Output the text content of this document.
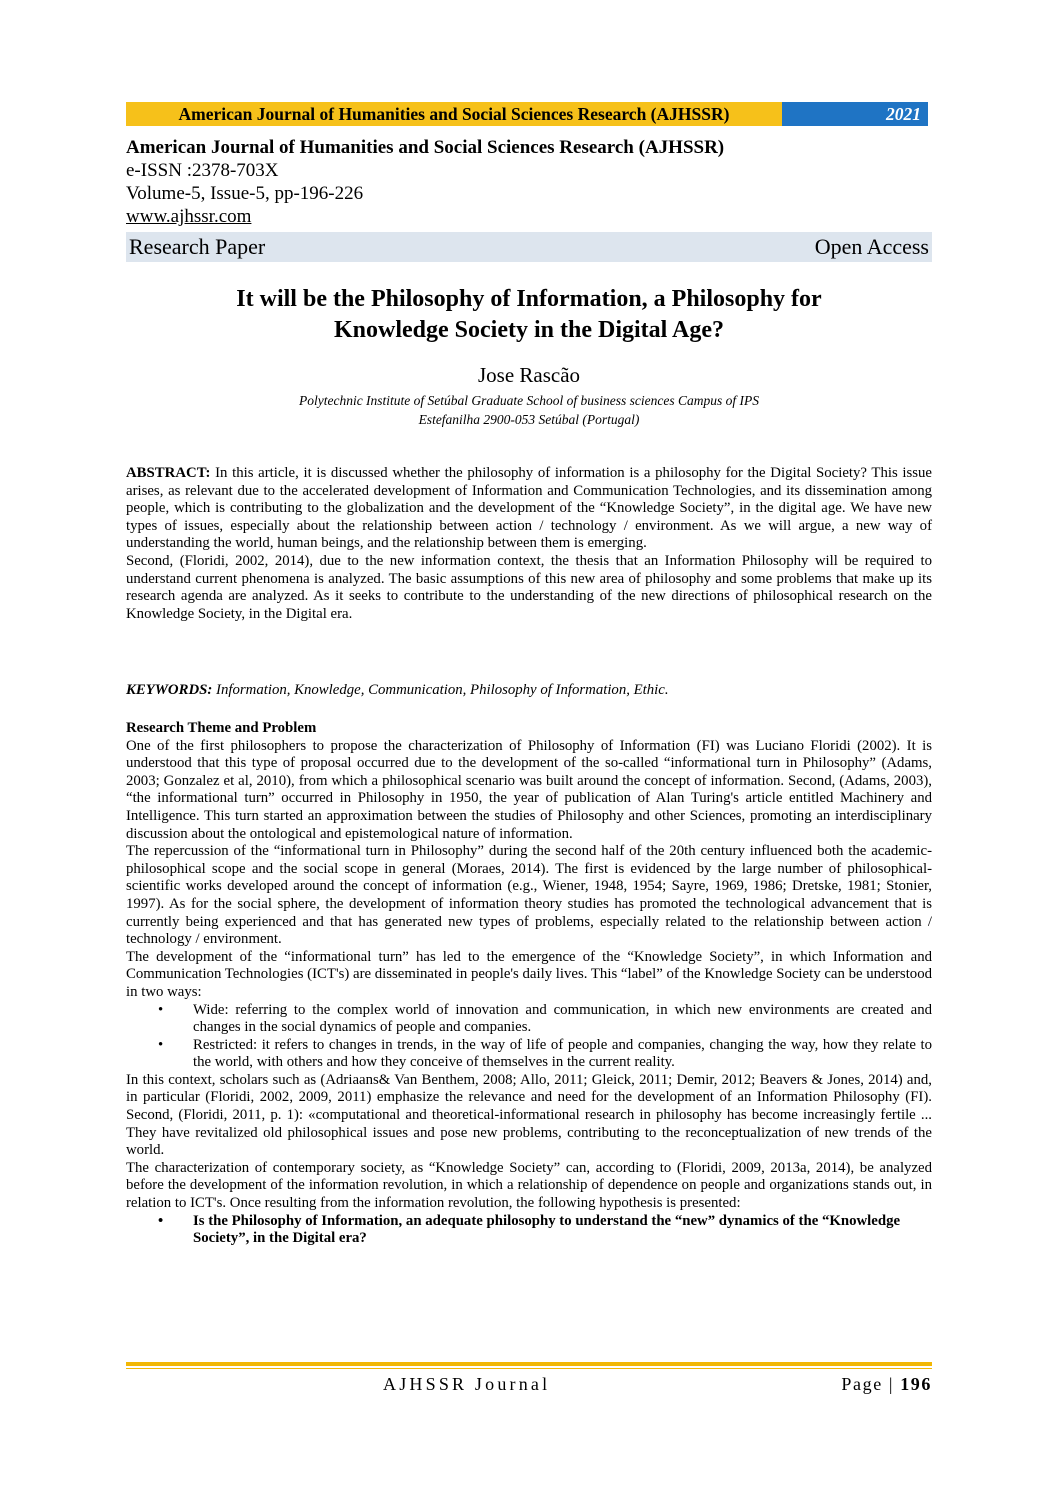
American Journal of Humanities and Social Sciences Research (AJHSSR)	2021
American Journal of Humanities and Social Sciences Research (AJHSSR)
e-ISSN :2378-703X
Volume-5, Issue-5, pp-196-226
www.ajhssr.com
Research Paper	Open Access
It will be the Philosophy of Information, a Philosophy for
Knowledge Society in the Digital Age?
Jose Rascão
Polytechnic Institute of Setúbal Graduate School of business sciences Campus of IPS
Estefanilha 2900-053 Setúbal (Portugal)

ABSTRACT: In this article, it is discussed whether the philosophy of information is a philosophy for the Digital Society? This issue arises, as relevant due to the accelerated development of Information and Communication Technologies, and its dissemination among people, which is contributing to the globalization and the development of the “Knowledge Society”, in the digital age. We have new types of issues, especially about the relationship between action / technology / environment. As we will argue, a new way of understanding the world, human beings, and the relationship between them is emerging.

Second, (Floridi, 2002, 2014), due to the new information context, the thesis that an Information Philosophy will be required to understand current phenomena is analyzed. The basic assumptions of this new area of philosophy and some problems that make up its research agenda are analyzed. As it seeks to contribute to the understanding of the new directions of philosophical research on the Knowledge Society, in the Digital era.

KEYWORDS: Information, Knowledge, Communication, Philosophy of Information, Ethic.

Research Theme and Problem

One of the first philosophers to propose the characterization of Philosophy of Information (FI) was Luciano Floridi (2002). It is understood that this type of proposal occurred due to the development of the so-called “informational turn in Philosophy” (Adams, 2003; Gonzalez et al, 2010), from which a philosophical scenario was built around the concept of information. Second, (Adams, 2003), “the informational turn” occurred in Philosophy in 1950, the year of publication of Alan Turing's article entitled Machinery and Intelligence. This turn started an approximation between the studies of Philosophy and other Sciences, promoting an interdisciplinary discussion about the ontological and epistemological nature of information.

The repercussion of the “informational turn in Philosophy” during the second half of the 20th century influenced both the academic-philosophical scope and the social scope in general (Moraes, 2014). The first is evidenced by the large number of philosophical-scientific works developed around the concept of information (e.g., Wiener, 1948, 1954; Sayre, 1969, 1986; Dretske, 1981; Stonier, 1997). As for the social sphere, the development of information theory studies has promoted the technological advancement that is currently being experienced and that has generated new types of problems, especially related to the relationship between action / technology / environment.

The development of the “informational turn” has led to the emergence of the “Knowledge Society”, in which Information and Communication Technologies (ICT's) are disseminated in people's daily lives. This “label” of the Knowledge Society can be understood in two ways:

• Wide: referring to the complex world of innovation and communication, in which new environments are created and changes in the social dynamics of people and companies.
• Restricted: it refers to changes in trends, in the way of life of people and companies, changing the way, how they relate to the world, with others and how they conceive of themselves in the current reality.

In this context, scholars such as (Adriaans& Van Benthem, 2008; Allo, 2011; Gleick, 2011; Demir, 2012; Beavers & Jones, 2014) and, in particular (Floridi, 2002, 2009, 2011) emphasize the relevance and need for the development of an Information Philosophy (FI). Second, (Floridi, 2011, p. 1): «computational and theoretical-informational research in philosophy has become increasingly fertile ... They have revitalized old philosophical issues and pose new problems, contributing to the reconceptualization of new trends of the world.

The characterization of contemporary society, as “Knowledge Society” can, according to (Floridi, 2009, 2013a, 2014), be analyzed before the development of the information revolution, in which a relationship of dependence on people and organizations stands out, in relation to ICT's. Once resulting from the information revolution, the following hypothesis is presented:

• Is the Philosophy of Information, an adequate philosophy to understand the “new” dynamics of the “Knowledge Society”, in the Digital era?
AJHSSR Journal	Page | 196
